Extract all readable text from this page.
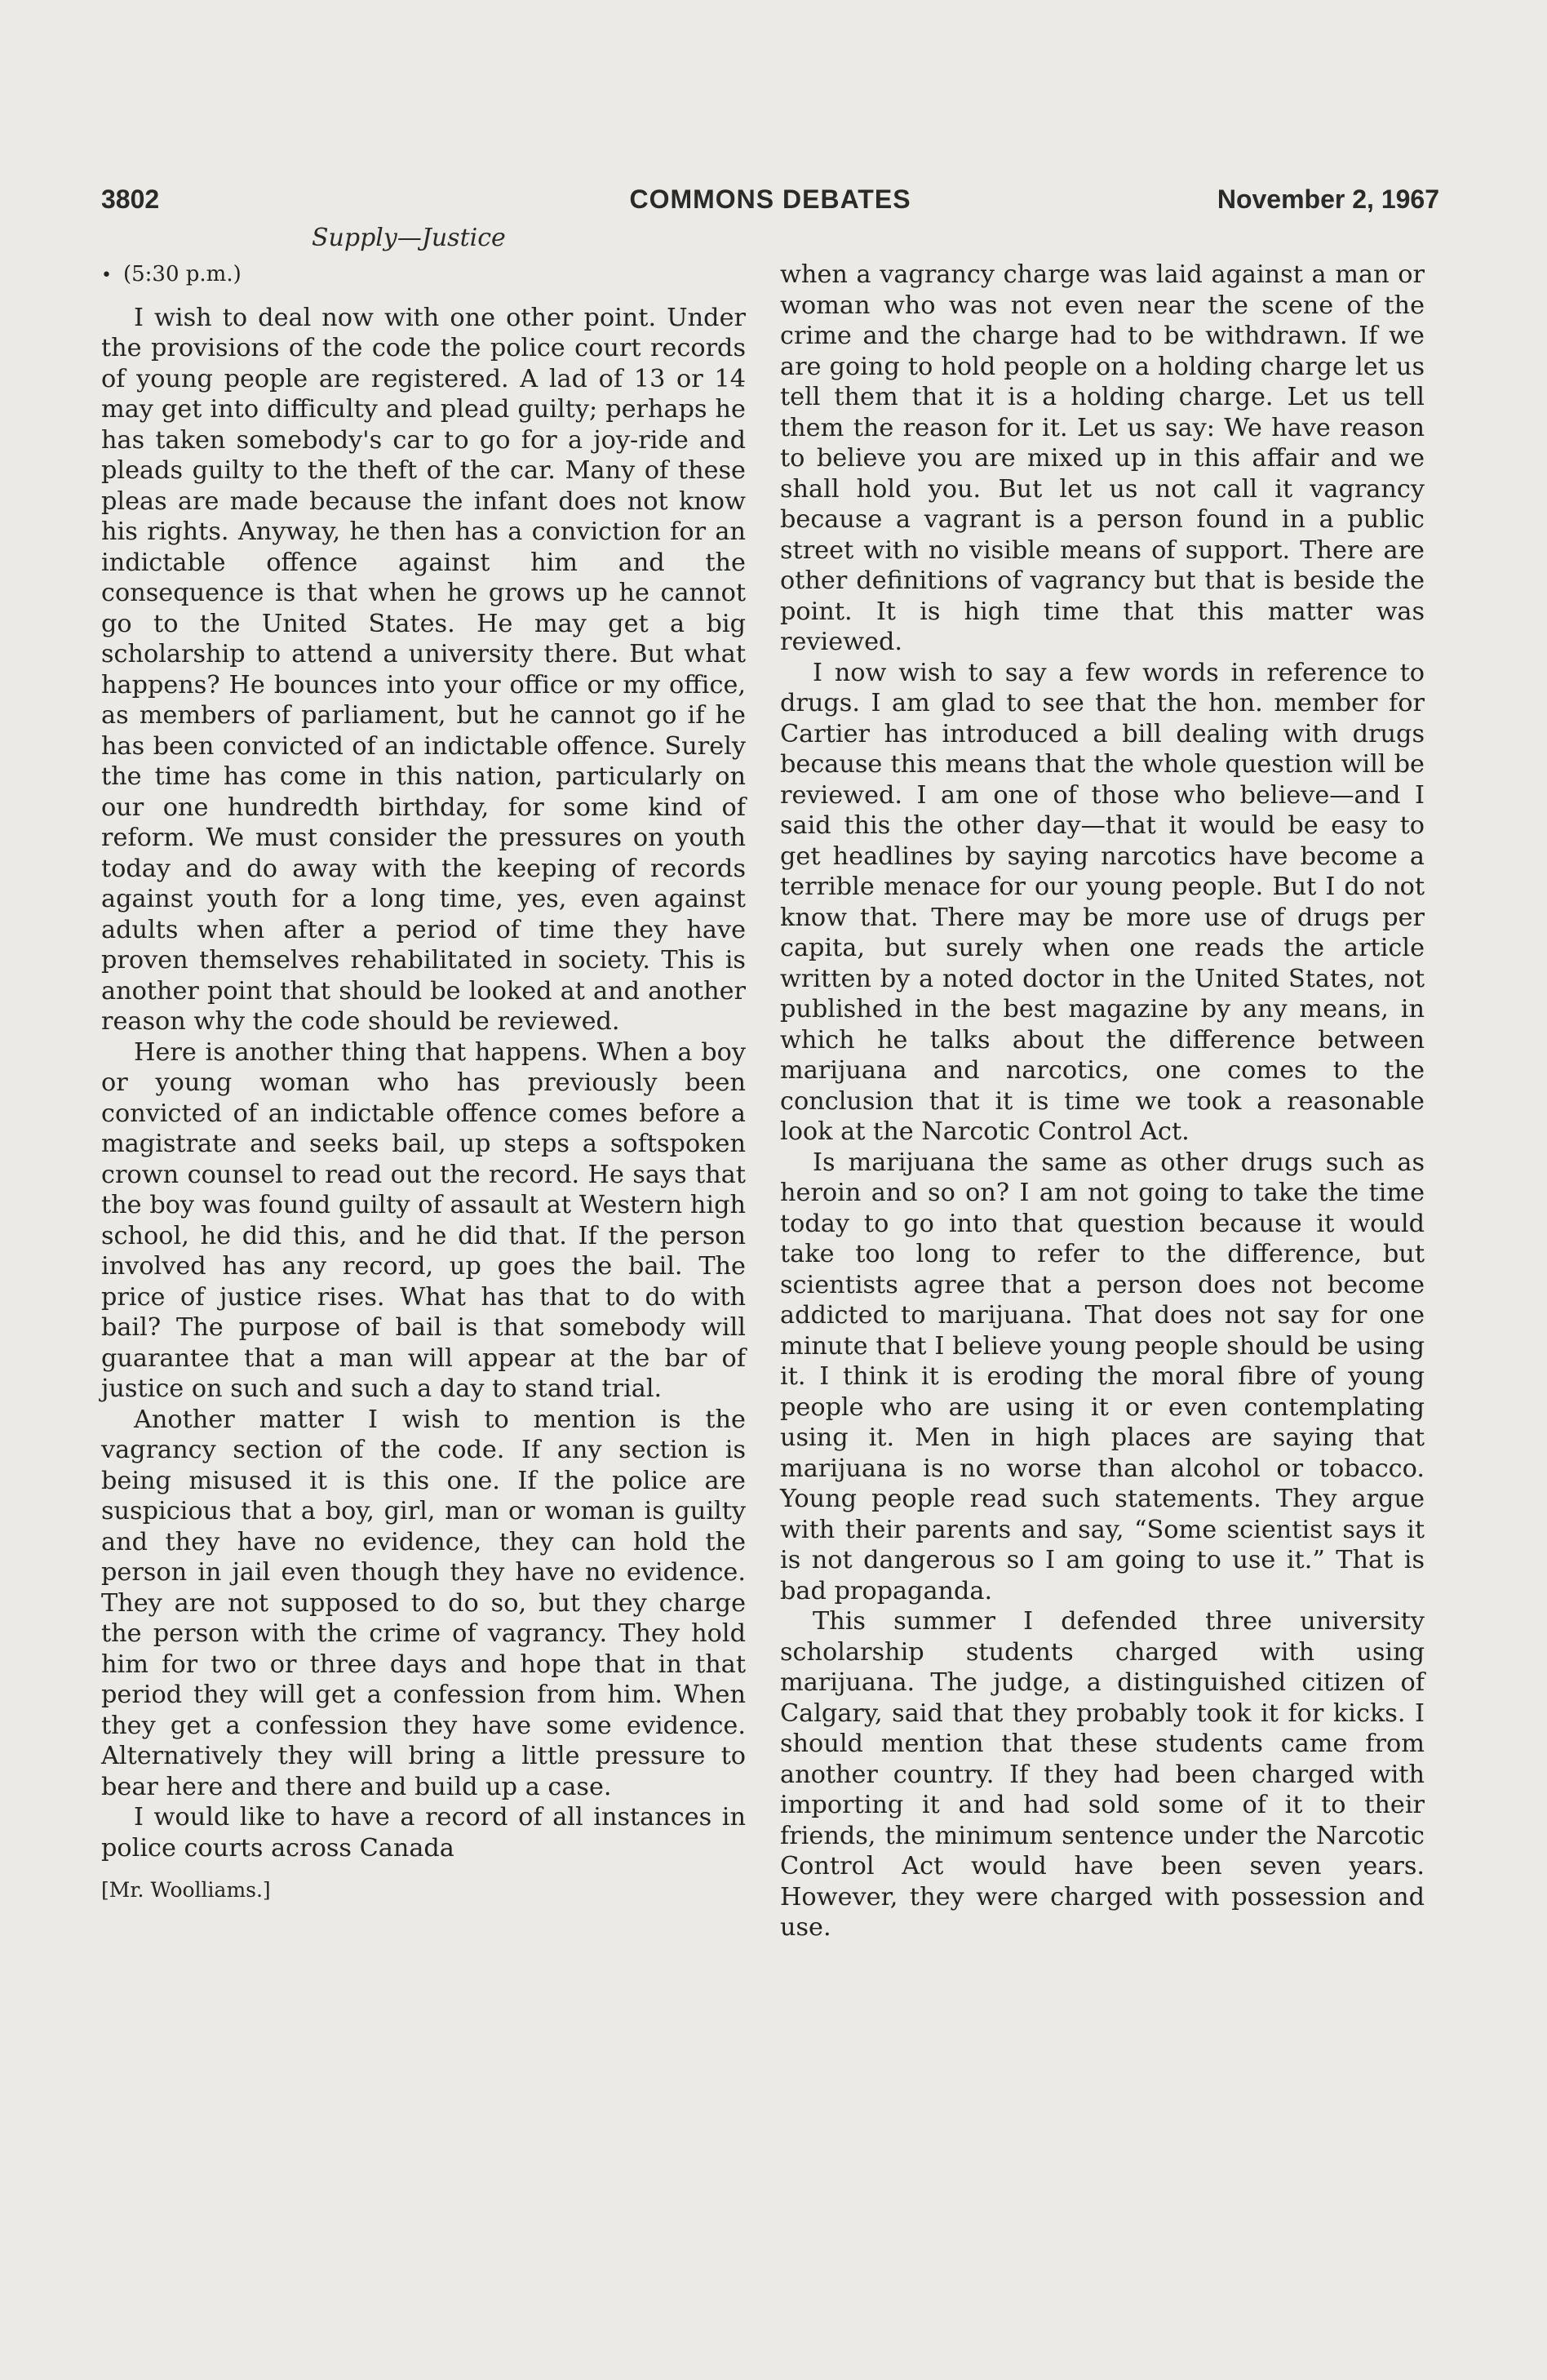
3802	COMMONS DEBATES	November 2, 1967
Supply—Justice

• (5:30 p.m.)

I wish to deal now with one other point. Under the provisions of the code the police court records of young people are registered. A lad of 13 or 14 may get into difficulty and plead guilty; perhaps he has taken somebody's car to go for a joy-ride and pleads guilty to the theft of the car. Many of these pleas are made because the infant does not know his rights. Anyway, he then has a conviction for an indictable offence against him and the consequence is that when he grows up he cannot go to the United States. He may get a big scholarship to attend a university there. But what happens? He bounces into your office or my office, as members of parliament, but he cannot go if he has been convicted of an indictable offence. Surely the time has come in this nation, particularly on our one hundredth birthday, for some kind of reform. We must consider the pressures on youth today and do away with the keeping of records against youth for a long time, yes, even against adults when after a period of time they have proven themselves rehabilitated in society. This is another point that should be looked at and another reason why the code should be reviewed.

Here is another thing that happens. When a boy or young woman who has previously been convicted of an indictable offence comes before a magistrate and seeks bail, up steps a softspoken crown counsel to read out the record. He says that the boy was found guilty of assault at Western high school, he did this, and he did that. If the person involved has any record, up goes the bail. The price of justice rises. What has that to do with bail? The purpose of bail is that somebody will guarantee that a man will appear at the bar of justice on such and such a day to stand trial.

Another matter I wish to mention is the vagrancy section of the code. If any section is being misused it is this one. If the police are suspicious that a boy, girl, man or woman is guilty and they have no evidence, they can hold the person in jail even though they have no evidence. They are not supposed to do so, but they charge the person with the crime of vagrancy. They hold him for two or three days and hope that in that period they will get a confession from him. When they get a confession they have some evidence. Alternatively they will bring a little pressure to bear here and there and build up a case.

I would like to have a record of all instances in police courts across Canada

[Mr. Woolliams.]

when a vagrancy charge was laid against a man or woman who was not even near the scene of the crime and the charge had to be withdrawn. If we are going to hold people on a holding charge let us tell them that it is a holding charge. Let us tell them the reason for it. Let us say: We have reason to believe you are mixed up in this affair and we shall hold you. But let us not call it vagrancy because a vagrant is a person found in a public street with no visible means of support. There are other definitions of vagrancy but that is beside the point. It is high time that this matter was reviewed.

I now wish to say a few words in reference to drugs. I am glad to see that the hon. member for Cartier has introduced a bill dealing with drugs because this means that the whole question will be reviewed. I am one of those who believe—and I said this the other day—that it would be easy to get headlines by saying narcotics have become a terrible menace for our young people. But I do not know that. There may be more use of drugs per capita, but surely when one reads the article written by a noted doctor in the United States, not published in the best magazine by any means, in which he talks about the difference between marijuana and narcotics, one comes to the conclusion that it is time we took a reasonable look at the Narcotic Control Act.

Is marijuana the same as other drugs such as heroin and so on? I am not going to take the time today to go into that question because it would take too long to refer to the difference, but scientists agree that a person does not become addicted to marijuana. That does not say for one minute that I believe young people should be using it. I think it is eroding the moral fibre of young people who are using it or even contemplating using it. Men in high places are saying that marijuana is no worse than alcohol or tobacco. Young people read such statements. They argue with their parents and say, “Some scientist says it is not dangerous so I am going to use it.” That is bad propaganda.

This summer I defended three university scholarship students charged with using marijuana. The judge, a distinguished citizen of Calgary, said that they probably took it for kicks. I should mention that these students came from another country. If they had been charged with importing it and had sold some of it to their friends, the minimum sentence under the Narcotic Control Act would have been seven years. However, they were charged with possession and use.
